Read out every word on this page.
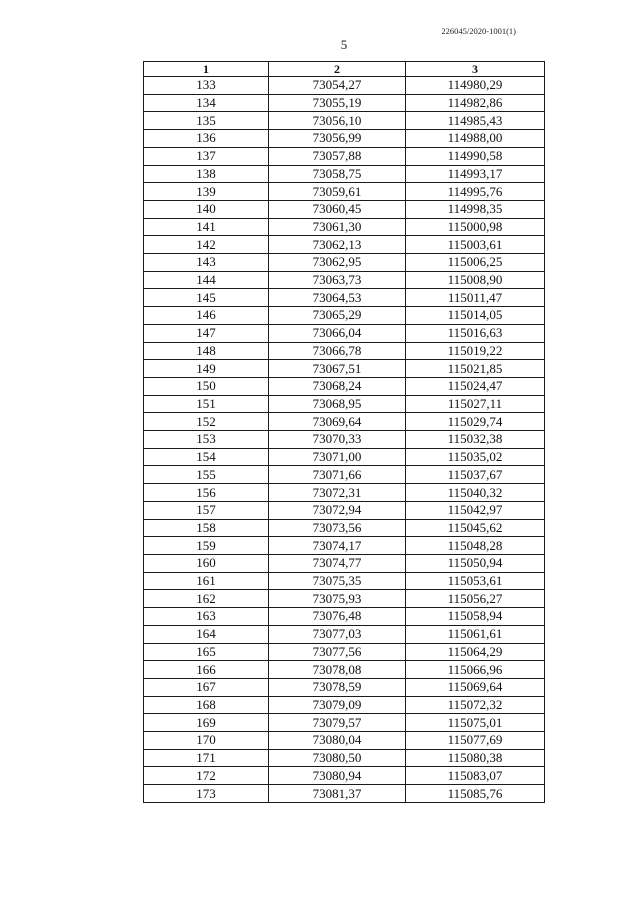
226045/2020-1001(1)
5
1	2	3
133	73054,27	114980,29
134	73055,19	114982,86
135	73056,10	114985,43
136	73056,99	114988,00
137	73057,88	114990,58
138	73058,75	114993,17
139	73059,61	114995,76
140	73060,45	114998,35
141	73061,30	115000,98
142	73062,13	115003,61
143	73062,95	115006,25
144	73063,73	115008,90
145	73064,53	115011,47
146	73065,29	115014,05
147	73066,04	115016,63
148	73066,78	115019,22
149	73067,51	115021,85
150	73068,24	115024,47
151	73068,95	115027,11
152	73069,64	115029,74
153	73070,33	115032,38
154	73071,00	115035,02
155	73071,66	115037,67
156	73072,31	115040,32
157	73072,94	115042,97
158	73073,56	115045,62
159	73074,17	115048,28
160	73074,77	115050,94
161	73075,35	115053,61
162	73075,93	115056,27
163	73076,48	115058,94
164	73077,03	115061,61
165	73077,56	115064,29
166	73078,08	115066,96
167	73078,59	115069,64
168	73079,09	115072,32
169	73079,57	115075,01
170	73080,04	115077,69
171	73080,50	115080,38
172	73080,94	115083,07
173	73081,37	115085,76
